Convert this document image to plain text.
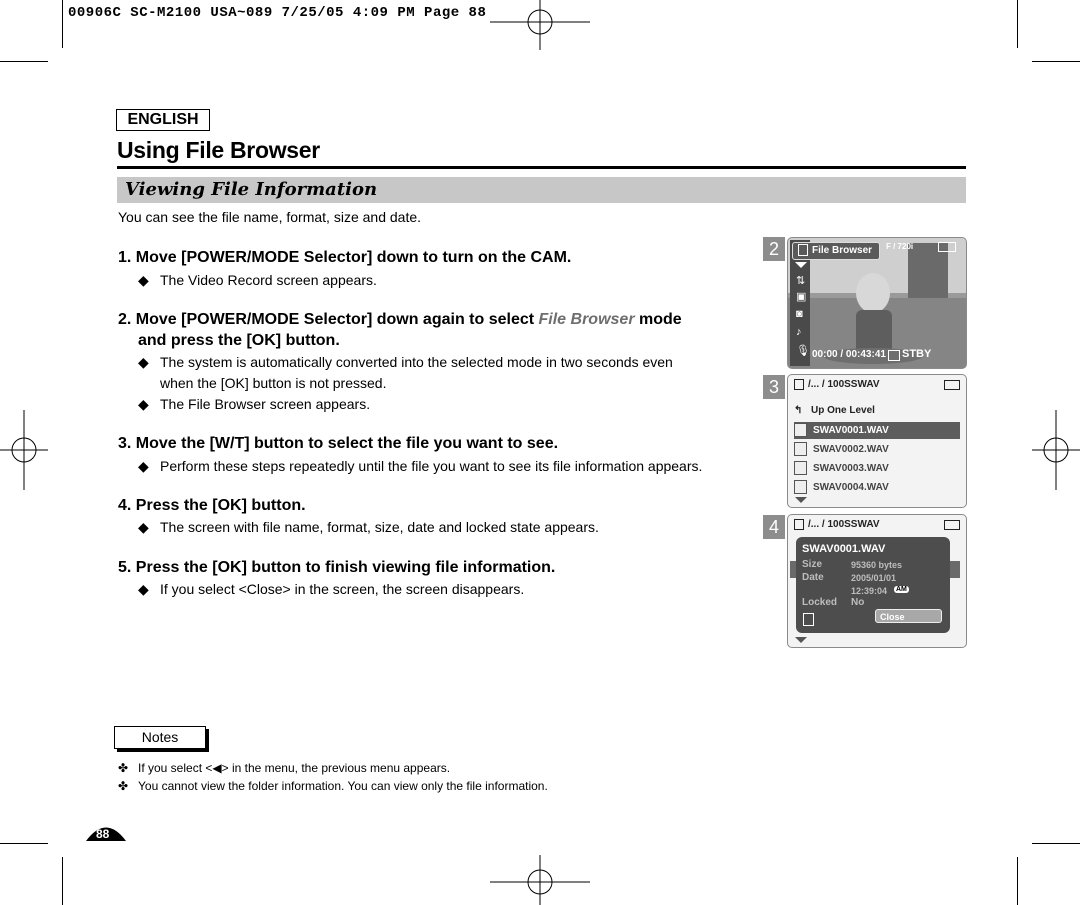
00906C SC-M2100 USA~089 7/25/05 4:09 PM Page 88
ENGLISH
Using File Browser
Viewing File Information
You can see the file name, format, size and date.
1. Move [POWER/MODE Selector] down to turn on the CAM.
◆ The Video Record screen appears.
2. Move [POWER/MODE Selector] down again to select File Browser mode
and press the [OK] button.
◆ The system is automatically converted into the selected mode in two seconds even
when the [OK] button is not pressed.
◆ The File Browser screen appears.
3. Move the [W/T] button to select the file you want to see.
◆ Perform these steps repeatedly until the file you want to see its file information appears.
4. Press the [OK] button.
◆ The screen with file name, format, size, date and locked state appears.
5. Press the [OK] button to finish viewing file information.
◆ If you select <Close> in the screen, the screen disappears.
2	File Browser
🎙
♪
◙
▣
⇅
F / 720i
00:00 / 00:43:41 STBY
3	/... / 100SSWAV
↰ Up One Level
SWAV0001.WAV
SWAV0002.WAV
SWAV0003.WAV
SWAV0004.WAV
4	/... / 100SSWAV
SWAV0001.WAV
Size	95360 bytes
Date	2005/01/01
12:39:04 AM
Locked No
Close
Notes
✤ If you select <◀> in the menu, the previous menu appears.
✤ You cannot view the folder information. You can view only the file information.
88
